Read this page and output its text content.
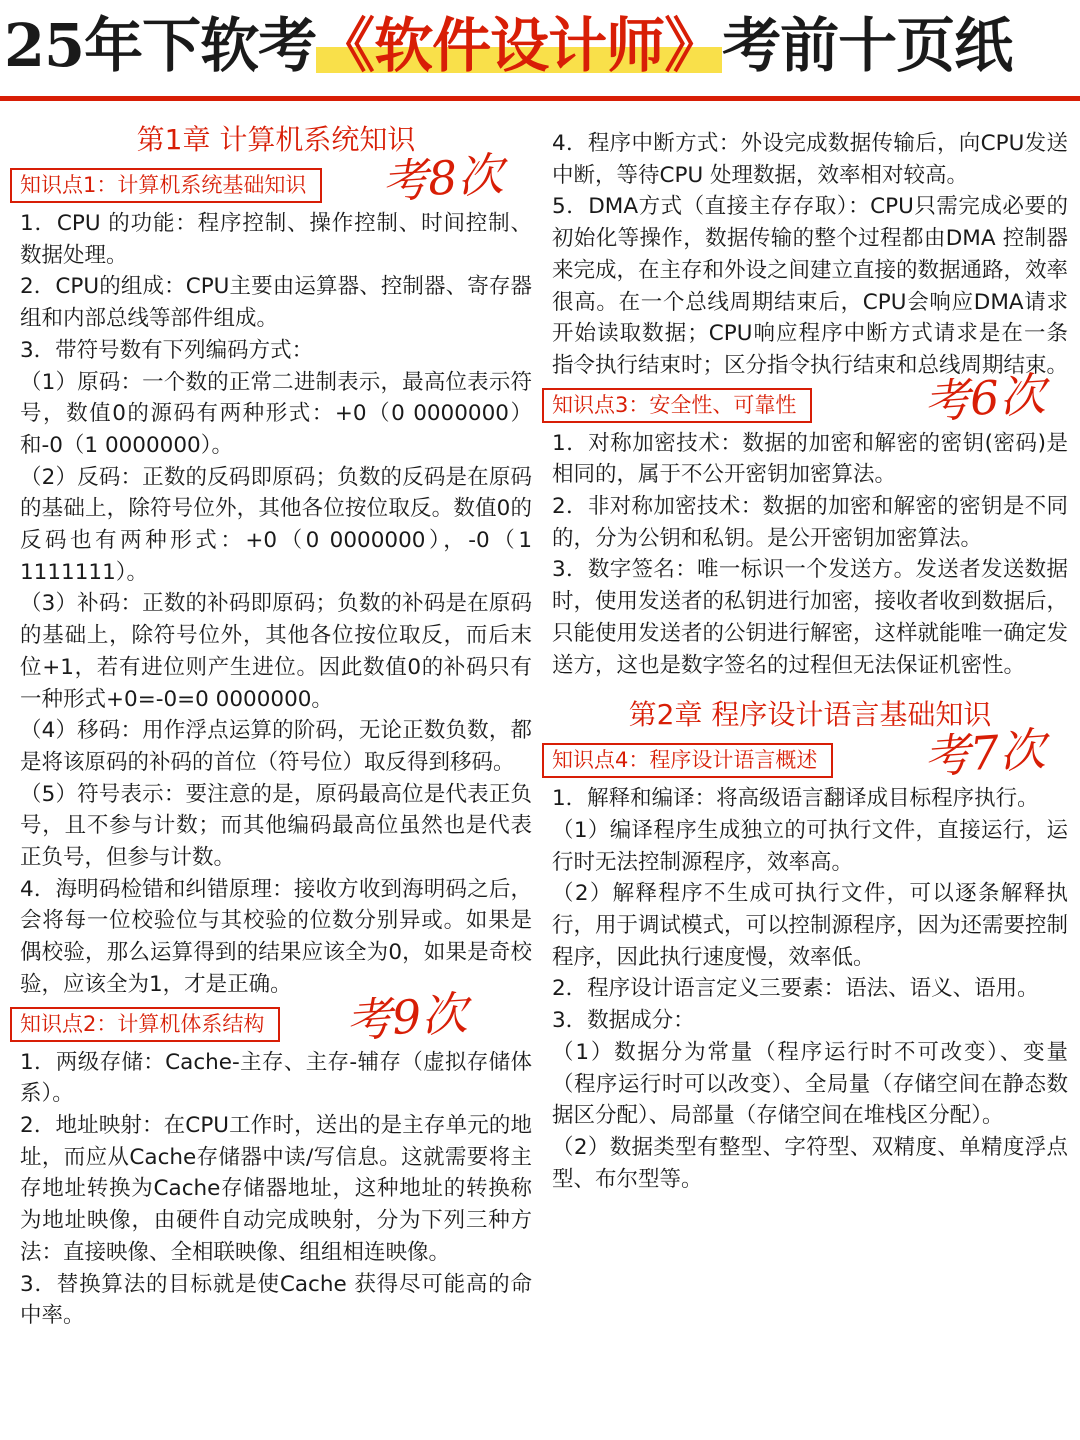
25年下软考《软件设计师》考前十页纸
第1章 计算机系统知识
知识点1：计算机系统基础知识	考8次

1．CPU 的功能：程序控制、操作控制、时间控制、数据处理。

2．CPU的组成：CPU主要由运算器、控制器、寄存器组和内部总线等部件组成。

3．带符号数有下列编码方式：

（1）原码：一个数的正常二进制表示，最高位表示符号，数值0的源码有两种形式：+0（0 0000000） 和-0（1 0000000）。

（2）反码：正数的反码即原码；负数的反码是在原码的基础上，除符号位外，其他各位按位取反。数值0的反码也有两种形式：+0（0 0000000），-0（1 1111111）。

（3）补码：正数的补码即原码；负数的补码是在原码的基础上，除符号位外，其他各位按位取反，而后末位+1，若有进位则产生进位。因此数值0的补码只有一种形式+0=-0=0 0000000。

（4）移码：用作浮点运算的阶码，无论正数负数，都是将该原码的补码的首位（符号位）取反得到移码。

（5）符号表示：要注意的是，原码最高位是代表正负号，且不参与计数；而其他编码最高位虽然也是代表正负号，但参与计数。

4．海明码检错和纠错原理：接收方收到海明码之后，会将每一位校验位与其校验的位数分别异或。如果是偶校验，那么运算得到的结果应该全为0，如果是奇校验，应该全为1，才是正确。

知识点2：计算机体系结构	考9次

1．两级存储：Cache-主存、主存-辅存（虚拟存储体系）。

2．地址映射：在CPU工作时，送出的是主存单元的地址，而应从Cache存储器中读/写信息。这就需要将主存地址转换为Cache存储器地址，这种地址的转换称为地址映像，由硬件自动完成映射，分为下列三种方法：直接映像、全相联映像、组组相连映像。

3．替换算法的目标就是使Cache 获得尽可能高的命中率。

4．程序中断方式：外设完成数据传输后，向CPU发送中断，等待CPU 处理数据，效率相对较高。

5．DMA方式（直接主存存取）：CPU只需完成必要的初始化等操作，数据传输的整个过程都由DMA 控制器来完成，在主存和外设之间建立直接的数据通路，效率很高。在一个总线周期结束后，CPU会响应DMA请求开始读取数据；CPU响应程序中断方式请求是在一条指令执行结束时；区分指令执行结束和总线周期结束。

知识点3：安全性、可靠性	考6次

1．对称加密技术：数据的加密和解密的密钥(密码)是相同的，属于不公开密钥加密算法。

2．非对称加密技术：数据的加密和解密的密钥是不同的，分为公钥和私钥。是公开密钥加密算法。

3．数字签名：唯一标识一个发送方。发送者发送数据时，使用发送者的私钥进行加密，接收者收到数据后，只能使用发送者的公钥进行解密，这样就能唯一确定发送方，这也是数字签名的过程但无法保证机密性。

第2章 程序设计语言基础知识
知识点4：程序设计语言概述	考7次

1．解释和编译：将高级语言翻译成目标程序执行。

（1）编译程序生成独立的可执行文件，直接运行，运行时无法控制源程序，效率高。

（2）解释程序不生成可执行文件，可以逐条解释执行，用于调试模式，可以控制源程序，因为还需要控制程序，因此执行速度慢，效率低。

2．程序设计语言定义三要素：语法、语义、语用。

3．数据成分：

（1）数据分为常量（程序运行时不可改变）、变量（程序运行时可以改变）、全局量（存储空间在静态数据区分配）、局部量（存储空间在堆栈区分配）。

（2）数据类型有整型、字符型、双精度、单精度浮点型、布尔型等。
